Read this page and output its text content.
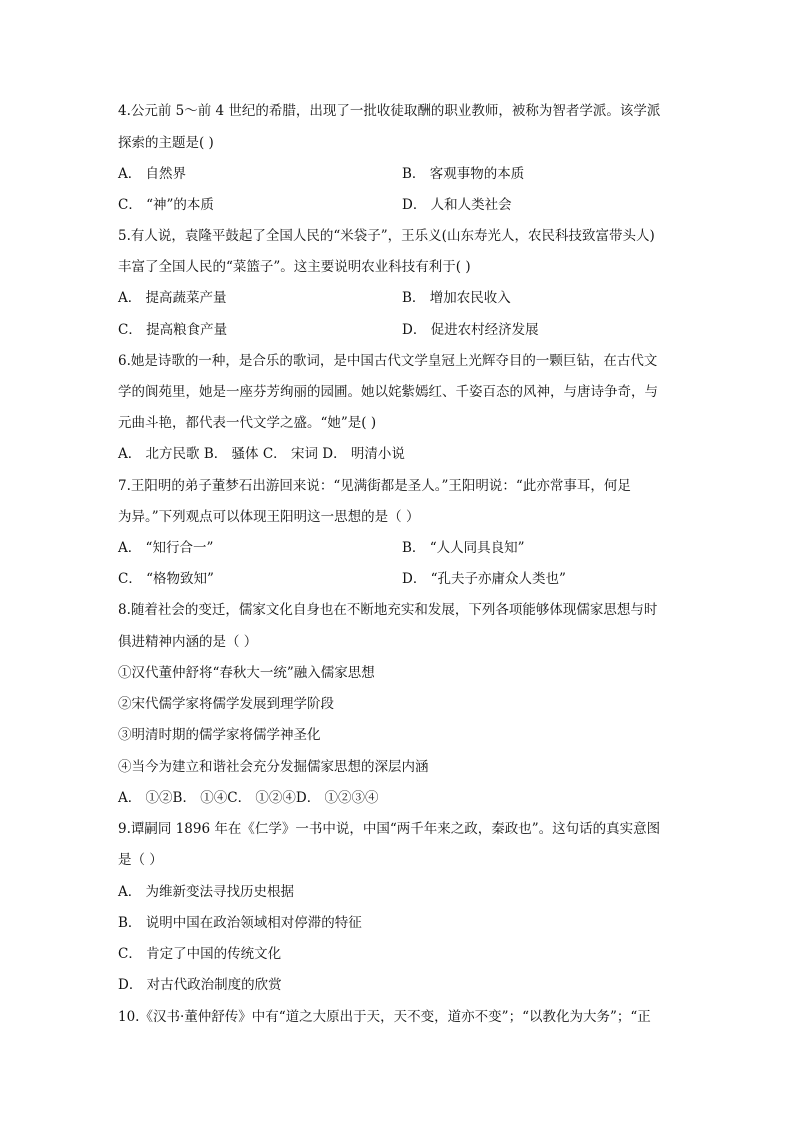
4.公元前 5～前 4 世纪的希腊，出现了一批收徒取酬的职业教师，被称为智者学派。该学派
探索的主题是( )
A． 自然界	B． 客观事物的本质
C． “神”的本质	D． 人和人类社会
5.有人说，袁隆平鼓起了全国人民的“米袋子”，王乐义(山东寿光人，农民科技致富带头人)
丰富了全国人民的“菜篮子”。这主要说明农业科技有利于( )
A． 提高蔬菜产量	B． 增加农民收入
C． 提高粮食产量	D． 促进农村经济发展
6.她是诗歌的一种，是合乐的歌词，是中国古代文学皇冠上光辉夺目的一颗巨钻，在古代文
学的阆苑里，她是一座芬芳绚丽的园圃。她以姹紫嫣红、千姿百态的风神，与唐诗争奇，与
元曲斗艳，都代表一代文学之盛。“她”是( )
A． 北方民歌 B． 骚体 C． 宋词 D． 明清小说
7.王阳明的弟子董梦石出游回来说：“见满街都是圣人。”王阳明说：“此亦常事耳，何足
为异。”下列观点可以体现王阳明这一思想的是（ ）
A． “知行合一”	B． “人人同具良知”
C． “格物致知”	D． “孔夫子亦庸众人类也”
8.随着社会的变迁，儒家文化自身也在不断地充实和发展，下列各项能够体现儒家思想与时
俱进精神内涵的是（ ）
①汉代董仲舒将“春秋大一统”融入儒家思想
②宋代儒学家将儒学发展到理学阶段
③明清时期的儒学家将儒学神圣化
④当今为建立和谐社会充分发掘儒家思想的深层内涵
A． ①②B． ①④C． ①②④D． ①②③④
9.谭嗣同 1896 年在《仁学》一书中说，中国“两千年来之政，秦政也”。这句话的真实意图
是（ ）
A． 为维新变法寻找历史根据
B． 说明中国在政治领域相对停滞的特征
C． 肯定了中国的传统文化
D． 对古代政治制度的欣赏
10.《汉书·董仲舒传》中有“道之大原出于天，天不变，道亦不变”；“以教化为大务”；“正
